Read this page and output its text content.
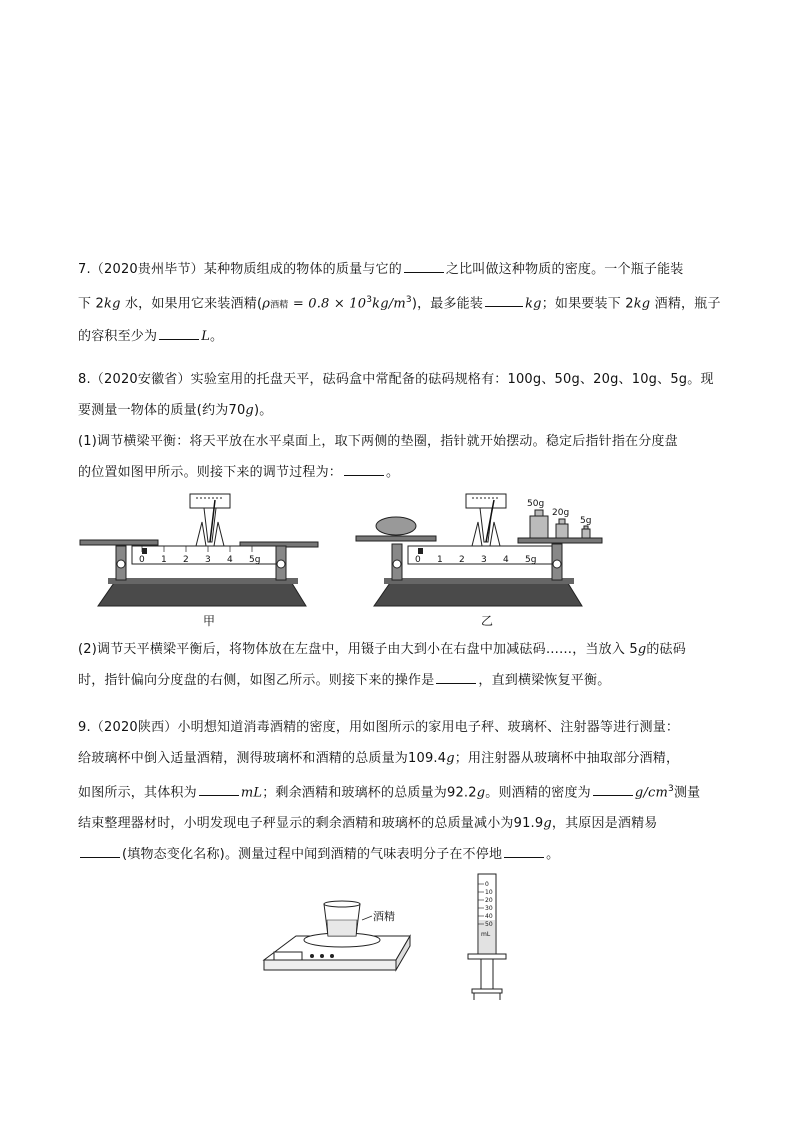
7.（2020贵州毕节）某种物质组成的物体的质量与它的	之比叫做这种物质的密度。一个瓶子能装
下 2kg 水，如果用它来装酒精(ρ酒精 = $0.8 \times 10^3kg/m^3$)，最多能装	kg；如果要装下 2kg 酒精，瓶子
的容积至少为	L。
8.（2020安徽省）实验室用的托盘天平，砝码盒中常配备的砝码规格有：100g、50g、20g、10g、5g。现
要测量一物体的质量(约为70g)。
(1)调节横梁平衡：将天平放在水平桌面上，取下两侧的垫圈，指针就开始摆动。稳定后指针指在分度盘
的位置如图甲所示。则接下来的调节过程为：	。
0 1 2 3 4 5g
甲
50g
20g
5g
0 1 2 3 4 5g
乙
(2)调节天平横梁平衡后，将物体放在左盘中，用镊子由大到小在右盘中加减砝码……，当放入 5g的砝码
时，指针偏向分度盘的右侧，如图乙所示。则接下来的操作是	，直到横梁恢复平衡。
9.（2020陕西）小明想知道消毒酒精的密度，用如图所示的家用电子秤、玻璃杯、注射器等进行测量：
给玻璃杯中倒入适量酒精，测得玻璃杯和酒精的总质量为109.4g；用注射器从玻璃杯中抽取部分酒精，
如图所示，其体积为	mL；剩余酒精和玻璃杯的总质量为92.2g。则酒精的密度为	$g/cm^3$测量
结束整理器材时，小明发现电子秤显示的剩余酒精和玻璃杯的总质量减小为91.9g，其原因是酒精易
(填物态变化名称)。测量过程中闻到酒精的气味表明分子在不停地	。
酒精
0
10
20
30
40
50
mL
